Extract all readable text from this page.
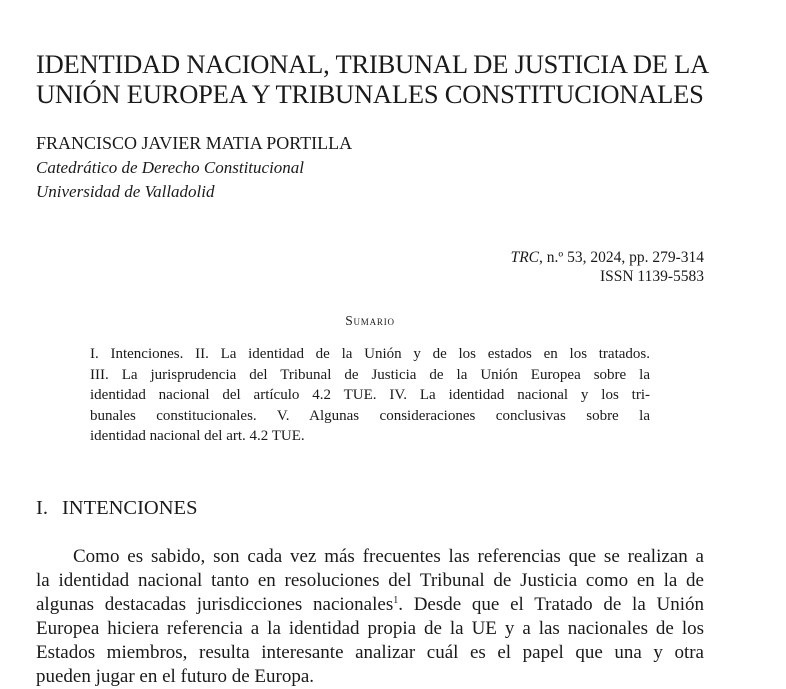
IDENTIDAD NACIONAL, TRIBUNAL DE JUSTICIA DE LA
UNIÓN EUROPEA Y TRIBUNALES CONSTITUCIONALES

FRANCISCO JAVIER MATIA PORTILLA

Catedrático de Derecho Constitucional

Universidad de Valladolid

TRC, n.º 53, 2024, pp. 279-314
ISSN 1139-5583

Sumario

I. Intenciones. II. La identidad de la Unión y de los estados en los tratados.
III. La jurisprudencia del Tribunal de Justicia de la Unión Europea sobre la
identidad nacional del artículo 4.2 TUE. IV. La identidad nacional y los tri-
bunales constitucionales. V. Algunas consideraciones conclusivas sobre la
identidad nacional del art. 4.2 TUE.

I. INTENCIONES

Como es sabido, son cada vez más frecuentes las referencias que se realizan a
la identidad nacional tanto en resoluciones del Tribunal de Justicia como en la de
algunas destacadas jurisdicciones nacionales$^1$. Desde que el Tratado de la Unión
Europea hiciera referencia a la identidad propia de la UE y a las nacionales de los
Estados miembros, resulta interesante analizar cuál es el papel que una y otra
pueden jugar en el futuro de Europa.
